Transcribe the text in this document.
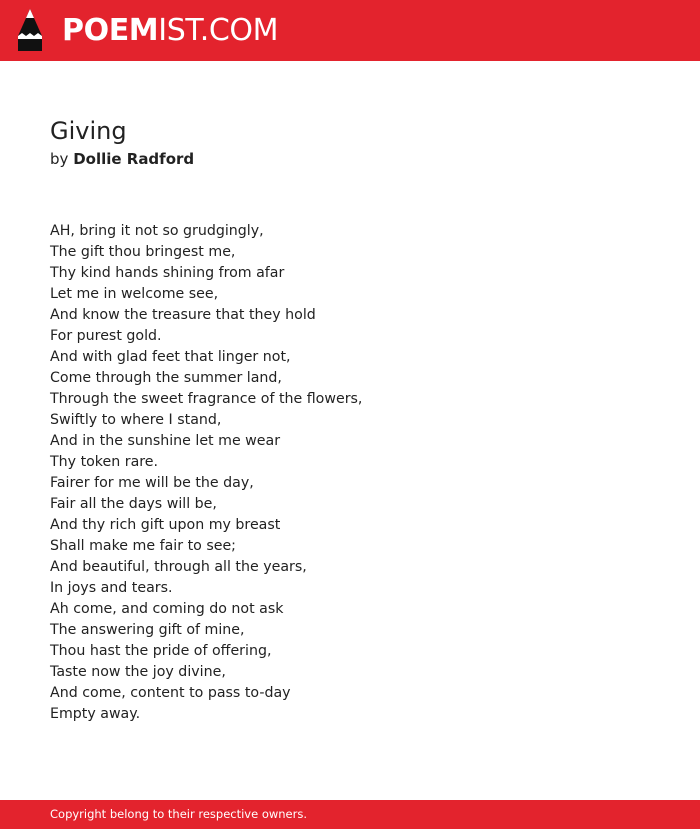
POEMIST.COM
Giving
by Dollie Radford
AH, bring it not so grudgingly,
The gift thou bringest me,
Thy kind hands shining from afar
Let me in welcome see,
And know the treasure that they hold
For purest gold.
And with glad feet that linger not,
Come through the summer land,
Through the sweet fragrance of the flowers,
Swiftly to where I stand,
And in the sunshine let me wear
Thy token rare.
Fairer for me will be the day,
Fair all the days will be,
And thy rich gift upon my breast
Shall make me fair to see;
And beautiful, through all the years,
In joys and tears.
Ah come, and coming do not ask
The answering gift of mine,
Thou hast the pride of offering,
Taste now the joy divine,
And come, content to pass to-day
Empty away.
Copyright belong to their respective owners.
